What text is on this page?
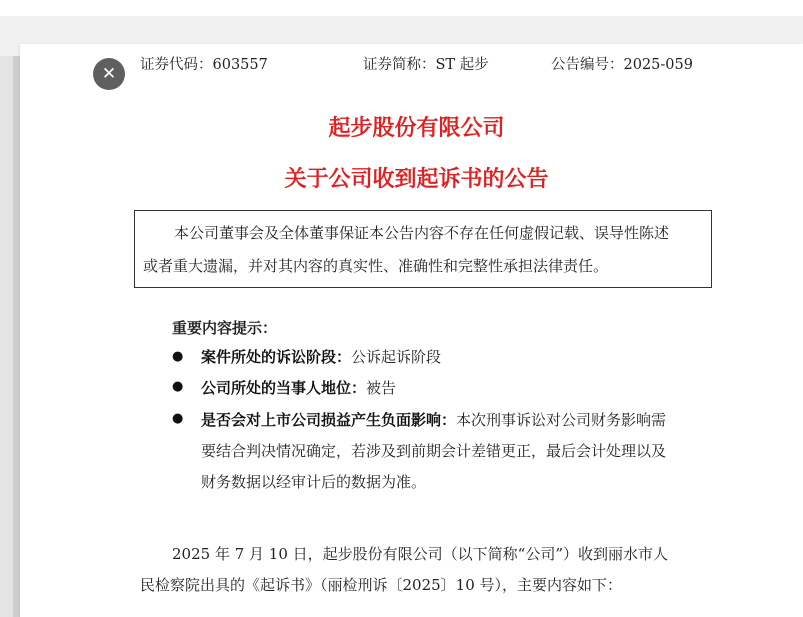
✕	证券代码：603557	证券简称：ST 起步	公告编号：2025-059
起步股份有限公司
关于公司收到起诉书的公告
本公司董事会及全体董事保证本公告内容不存在任何虚假记载、误导性陈述
或者重大遗漏，并对其内容的真实性、准确性和完整性承担法律责任。
重要内容提示：
● 案件所处的诉讼阶段：公诉起诉阶段
● 公司所处的当事人地位：被告
● 是否会对上市公司损益产生负面影响：本次刑事诉讼对公司财务影响需
要结合判决情况确定，若涉及到前期会计差错更正，最后会计处理以及
财务数据以经审计后的数据为准。
2025 年 7 月 10 日，起步股份有限公司（以下简称“公司”）收到丽水市人
民检察院出具的《起诉书》（丽检刑诉〔2025〕10 号），主要内容如下：
